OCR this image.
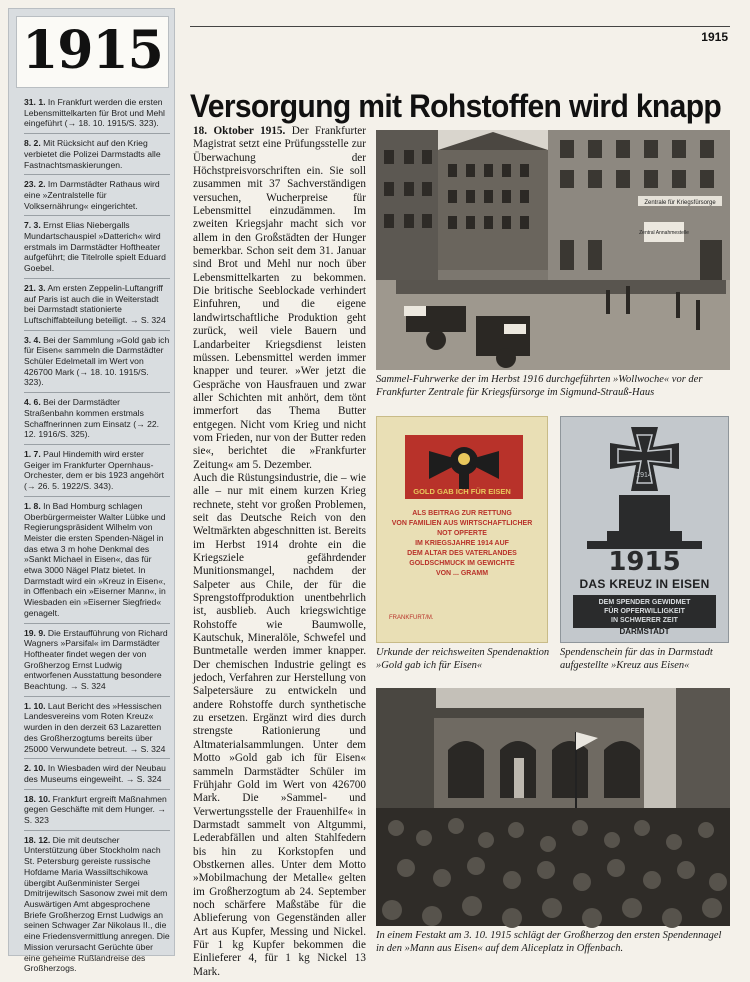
1915
31. 1. In Frankfurt werden die ersten Lebensmittelkarten für Brot und Mehl eingeführt (→ 18. 10. 1915/S. 323).
8. 2. Mit Rücksicht auf den Krieg verbietet die Polizei Darmstadts alle Fastnachtsmaskierungen.
23. 2. Im Darmstädter Rathaus wird eine »Zentralstelle für Volksernährung« eingerichtet.
7. 3. Ernst Elias Niebergalls Mundartschauspiel »Datterich« wird erstmals im Darmstädter Hoftheater aufgeführt; die Titelrolle spielt Eduard Goebel.
21. 3. Am ersten Zeppelin-Luftangriff auf Paris ist auch die in Weiterstadt bei Darmstadt stationierte Luftschiffabteilung beteiligt. → S. 324
3. 4. Bei der Sammlung »Gold gab ich für Eisen« sammeln die Darmstädter Schüler Edelmetall im Wert von 426700 Mark (→ 18. 10. 1915/S. 323).
4. 6. Bei der Darmstädter Straßenbahn kommen erstmals Schaffnerinnen zum Einsatz (→ 22. 12. 1916/S. 325).
1. 7. Paul Hindemith wird erster Geiger im Frankfurter Opernhaus-Orchester, dem er bis 1923 angehört (→ 26. 5. 1922/S. 343).
1. 8. In Bad Homburg schlagen Oberbürgermeister Walter Lübke und Regierungspräsident Wilhelm von Meister die ersten Spenden-Nägel in das etwa 3 m hohe Denkmal des »Sankt Michael in Eisen«, das für etwa 3000 Nägel Platz bietet. In Darmstadt wird ein »Kreuz in Eisen«, in Offenbach ein »Eiserner Mann«, in Wiesbaden ein »Eiserner Siegfried« genagelt.
19. 9. Die Erstaufführung von Richard Wagners »Parsifal« im Darmstädter Hoftheater findet wegen der von Großherzog Ernst Ludwig entworfenen Ausstattung besondere Beachtung. → S. 324
1. 10. Laut Bericht des »Hessischen Landesvereins vom Roten Kreuz« wurden in den derzeit 63 Lazaretten des Großherzogtums bereits über 25000 Verwundete betreut. → S. 324
2. 10. In Wiesbaden wird der Neubau des Museums eingeweiht. → S. 324
18. 10. Frankfurt ergreift Maßnahmen gegen Geschäfte mit dem Hunger. → S. 323
18. 12. Die mit deutscher Unterstützung über Stockholm nach St. Petersburg gereiste russische Hofdame Maria Wassiltschikowa übergibt Außenminister Sergei Dmitrijewitsch Sasonow zwei mit dem Auswärtigen Amt abgesprochene Briefe Großherzog Ernst Ludwigs an seinen Schwager Zar Nikolaus II., die eine Friedensvermittlung anregen. Die Mission verursacht Gerüchte über eine geheime Rußlandreise des Großherzogs.
1915
Versorgung mit Rohstoffen wird knapp

18. Oktober 1915. Der Frankfurter Magistrat setzt eine Prüfungsstelle zur Überwachung der Höchstpreisvorschriften ein. Sie soll zusammen mit 37 Sachverständigen versuchen, Wucherpreise für Lebensmittel einzudämmen. Im zweiten Kriegsjahr macht sich vor allem in den Großstädten der Hunger bemerkbar. Schon seit dem 31. Januar sind Brot und Mehl nur noch über Lebensmittelkarten zu bekommen. Die britische Seeblockade verhindert Einfuhren, und die eigene landwirtschaftliche Produktion geht zurück, weil viele Bauern und Landarbeiter Kriegsdienst leisten müssen. Lebensmittel werden immer knapper und teurer. »Wer jetzt die Gespräche von Hausfrauen und zwar aller Schichten mit anhört, dem tönt immerfort das Thema Butter entgegen. Nicht vom Krieg und nicht vom Frieden, nur von der Butter reden sie«, berichtet die »Frankfurter Zeitung« am 5. Dezember.

Auch die Rüstungsindustrie, die – wie alle – nur mit einem kurzen Krieg rechnete, steht vor großen Problemen, seit das Deutsche Reich von den Weltmärkten abgeschnitten ist. Bereits im Herbst 1914 drohte ein die Kriegsziele gefährdender Munitionsmangel, nachdem der Salpeter aus Chile, der für die Sprengstoffproduktion unentbehrlich ist, ausblieb. Auch kriegswichtige Rohstoffe wie Baumwolle, Kautschuk, Mineralöle, Schwefel und Buntmetalle werden immer knapper. Der chemischen Industrie gelingt es jedoch, Verfahren zur Herstellung von Salpetersäure zu entwickeln und andere Rohstoffe durch synthetische zu ersetzen. Ergänzt wird dies durch strengste Rationierung und Altmaterialsammlungen. Unter dem Motto »Gold gab ich für Eisen« sammeln Darmstädter Schüler im Frühjahr Gold im Wert von 426700 Mark. Die »Sammel- und Verwertungsstelle der Frauenhilfe« in Darmstadt sammelt von Altgummi, Lederabfällen und alten Stahlfedern bis hin zu Korkstopfen und Obstkernen alles. Unter dem Motto »Mobilmachung der Metalle« gelten im Großherzogtum ab 24. September noch schärfere Maßstäbe für die Ablieferung von Gegenständen aller Art aus Kupfer, Messing und Nickel. Für 1 kg Kupfer bekommen die Einlieferer 4, für 1 kg Nickel 13 Mark.

Zentrale für Kriegsfürsorge
Zentral Annahmestelle
Sammel-Fuhrwerke der im Herbst 1916 durchgeführten »Wollwoche« vor der Frankfurter Zentrale für Kriegsfürsorge im Sigmund-Strauß-Haus
GOLD GAB ICH FÜR EISEN
ALS BEITRAG ZUR RETTUNG
VON FAMILIEN AUS WIRTSCHAFTLICHER NOT OPFERTE
IM KRIEGSJAHRE 1914 AUF
DEM ALTAR DES VATERLANDES
GOLDSCHMUCK IM GEWICHTE
VON ... GRAMM
FRANKFURT/M.
Urkunde der reichsweiten Spendenaktion »Gold gab ich für Eisen«
1914
1915
DAS KREUZ IN EISEN
DEM SPENDER GEWIDMET
FÜR OPFERWILLIGKEIT
IN SCHWERER ZEIT
DARMSTADT
Spendenschein für das in Darmstadt aufgestellte »Kreuz aus Eisen«
In einem Festakt am 3. 10. 1915 schlägt der Großherzog den ersten Spendennagel in den »Mann aus Eisen« auf dem Aliceplatz in Offenbach.
